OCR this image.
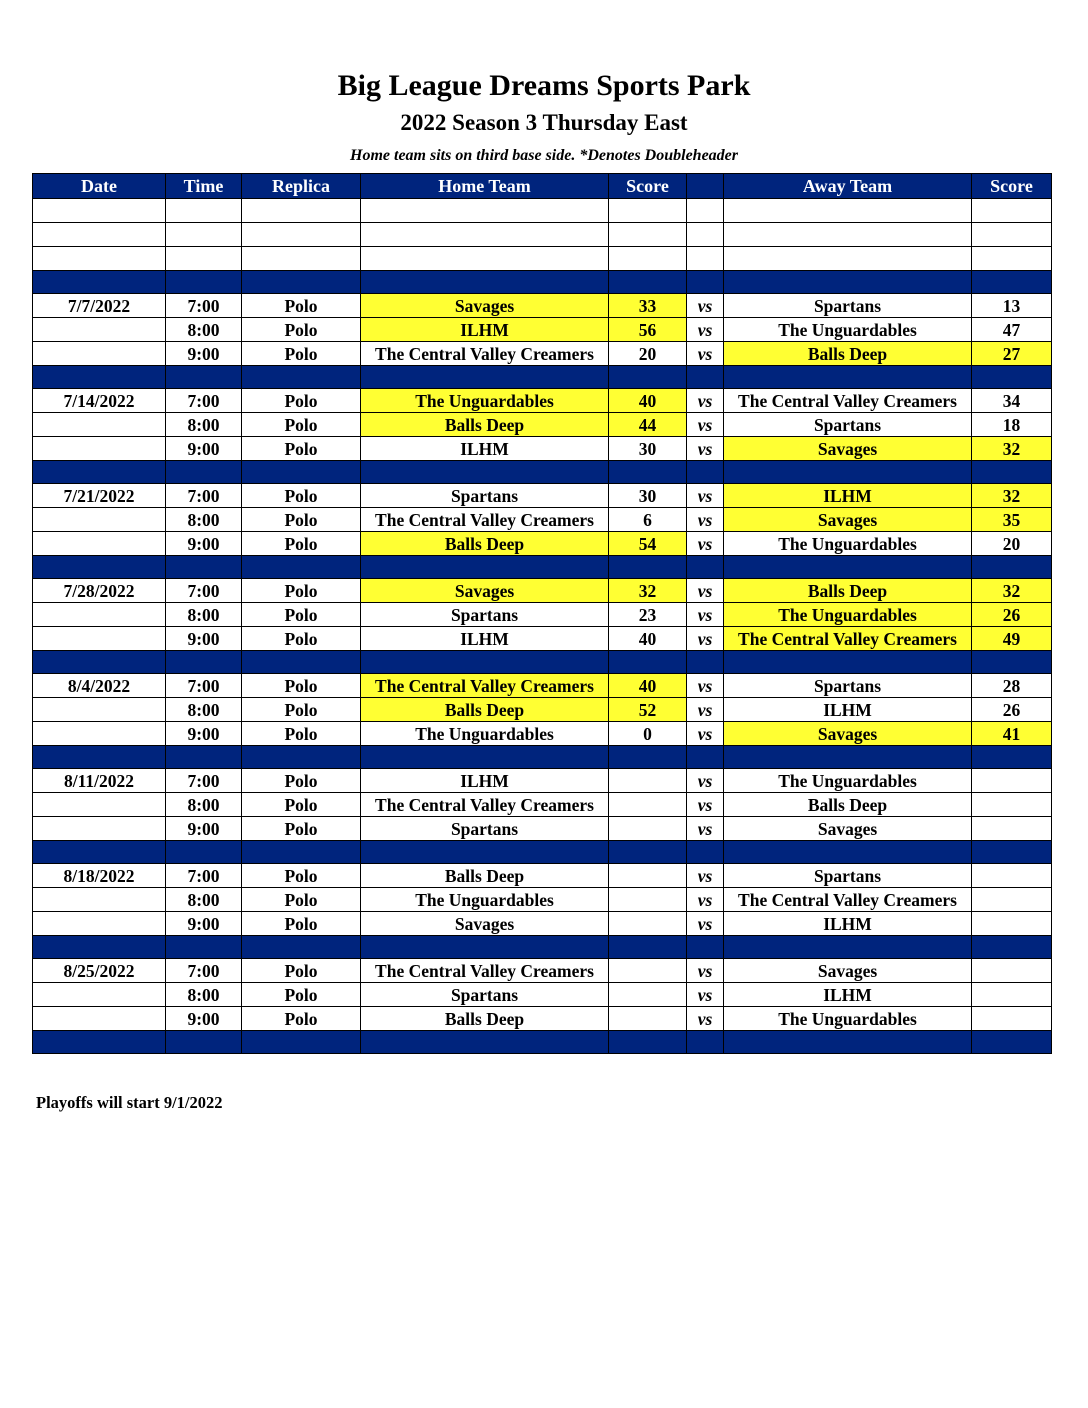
Big League Dreams Sports Park
2022 Season 3 Thursday East
Home team sits on third base side. *Denotes Doubleheader
Date	Time	Replica	Home Team	Score		Away Team	Score

7/7/2022	7:00	Polo	Savages	33	vs	Spartans	13
	8:00	Polo	ILHM	56	vs	The Unguardables	47
	9:00	Polo	The Central Valley Creamers	20	vs	Balls Deep	27

7/14/2022	7:00	Polo	The Unguardables	40	vs	The Central Valley Creamers	34
	8:00	Polo	Balls Deep	44	vs	Spartans	18
	9:00	Polo	ILHM	30	vs	Savages	32

7/21/2022	7:00	Polo	Spartans	30	vs	ILHM	32
	8:00	Polo	The Central Valley Creamers	6	vs	Savages	35
	9:00	Polo	Balls Deep	54	vs	The Unguardables	20

7/28/2022	7:00	Polo	Savages	32	vs	Balls Deep	32
	8:00	Polo	Spartans	23	vs	The Unguardables	26
	9:00	Polo	ILHM	40	vs	The Central Valley Creamers	49

8/4/2022	7:00	Polo	The Central Valley Creamers	40	vs	Spartans	28
	8:00	Polo	Balls Deep	52	vs	ILHM	26
	9:00	Polo	The Unguardables	0	vs	Savages	41

8/11/2022	7:00	Polo	ILHM		vs	The Unguardables	
	8:00	Polo	The Central Valley Creamers		vs	Balls Deep	
	9:00	Polo	Spartans		vs	Savages	

8/18/2022	7:00	Polo	Balls Deep		vs	Spartans	
	8:00	Polo	The Unguardables		vs	The Central Valley Creamers	
	9:00	Polo	Savages		vs	ILHM	

8/25/2022	7:00	Polo	The Central Valley Creamers		vs	Savages	
	8:00	Polo	Spartans		vs	ILHM	
	9:00	Polo	Balls Deep		vs	The Unguardables	

Playoffs will start 9/1/2022
